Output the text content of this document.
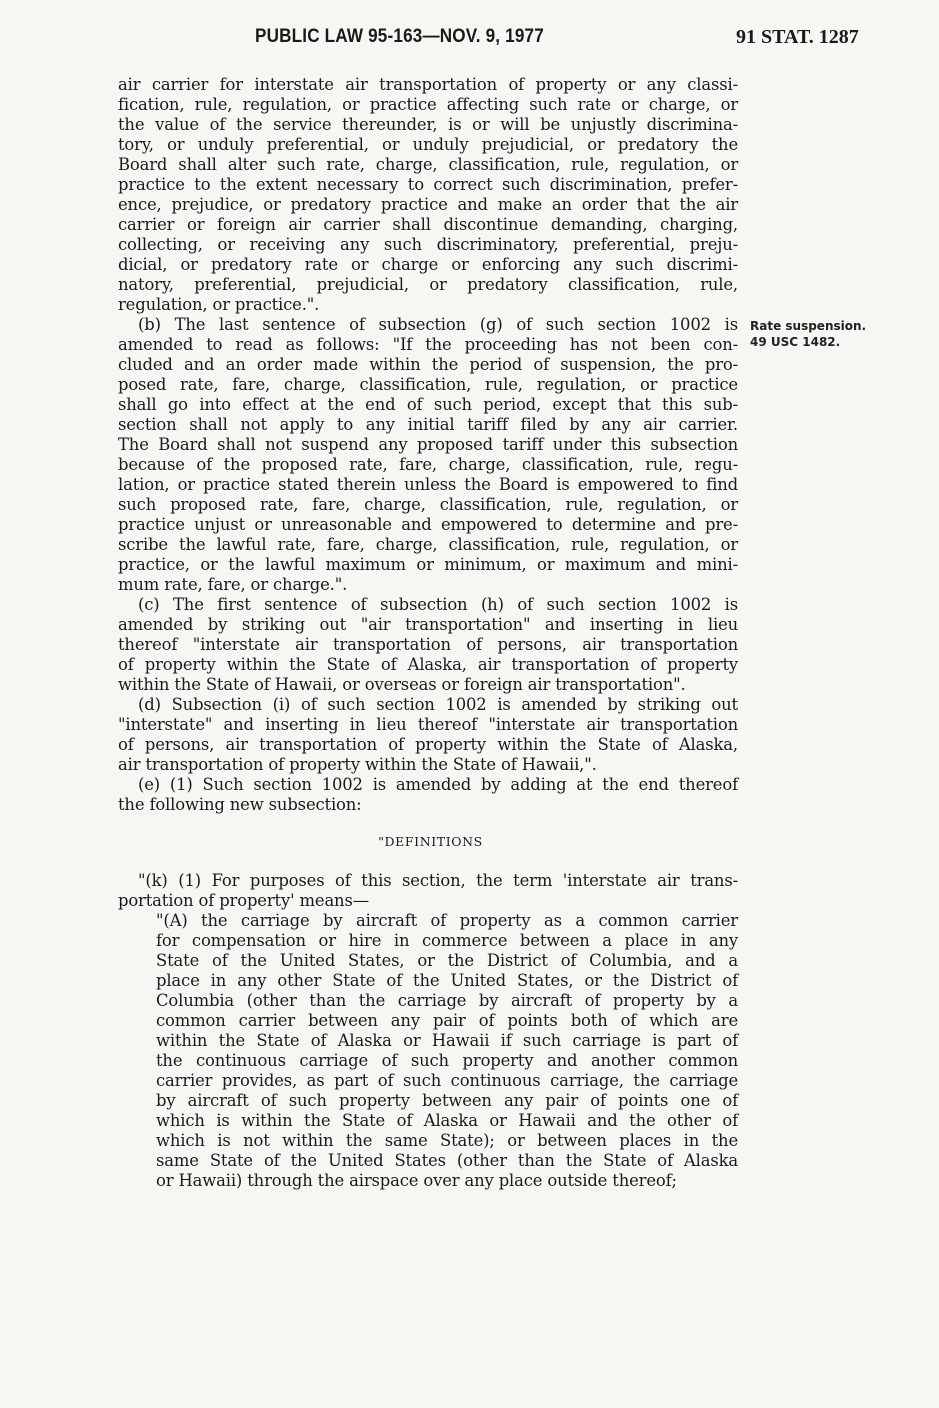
PUBLIC LAW 95-163—NOV. 9, 1977	91 STAT. 1287
Rate suspension.
49 USC 1482.

air carrier for interstate air transportation of property or any classi-
fication, rule, regulation, or practice affecting such rate or charge, or
the value of the service thereunder, is or will be unjustly discrimina-
tory, or unduly preferential, or unduly prejudicial, or predatory the
Board shall alter such rate, charge, classification, rule, regulation, or
practice to the extent necessary to correct such discrimination, prefer-
ence, prejudice, or predatory practice and make an order that the air
carrier or foreign air carrier shall discontinue demanding, charging,
collecting, or receiving any such discriminatory, preferential, preju-
dicial, or predatory rate or charge or enforcing any such discrimi-
natory, preferential, prejudicial, or predatory classification, rule,
regulation, or practice.".

(b) The last sentence of subsection (g) of such section 1002 is
amended to read as follows: "If the proceeding has not been con-
cluded and an order made within the period of suspension, the pro-
posed rate, fare, charge, classification, rule, regulation, or practice
shall go into effect at the end of such period, except that this sub-
section shall not apply to any initial tariff filed by any air carrier.
The Board shall not suspend any proposed tariff under this subsection
because of the proposed rate, fare, charge, classification, rule, regu-
lation, or practice stated therein unless the Board is empowered to find
such proposed rate, fare, charge, classification, rule, regulation, or
practice unjust or unreasonable and empowered to determine and pre-
scribe the lawful rate, fare, charge, classification, rule, regulation, or
practice, or the lawful maximum or minimum, or maximum and mini-
mum rate, fare, or charge.".

(c) The first sentence of subsection (h) of such section 1002 is
amended by striking out "air transportation" and inserting in lieu
thereof "interstate air transportation of persons, air transportation
of property within the State of Alaska, air transportation of property
within the State of Hawaii, or overseas or foreign air transportation".

(d) Subsection (i) of such section 1002 is amended by striking out
"interstate" and inserting in lieu thereof "interstate air transportation
of persons, air transportation of property within the State of Alaska,
air transportation of property within the State of Hawaii,".

(e) (1) Such section 1002 is amended by adding at the end thereof
the following new subsection:

"DEFINITIONS

"(k) (1) For purposes of this section, the term 'interstate air trans-
portation of property' means—

"(A) the carriage by aircraft of property as a common carrier
for compensation or hire in commerce between a place in any
State of the United States, or the District of Columbia, and a
place in any other State of the United States, or the District of
Columbia (other than the carriage by aircraft of property by a
common carrier between any pair of points both of which are
within the State of Alaska or Hawaii if such carriage is part of
the continuous carriage of such property and another common
carrier provides, as part of such continuous carriage, the carriage
by aircraft of such property between any pair of points one of
which is within the State of Alaska or Hawaii and the other of
which is not within the same State); or between places in the
same State of the United States (other than the State of Alaska
or Hawaii) through the airspace over any place outside thereof;
